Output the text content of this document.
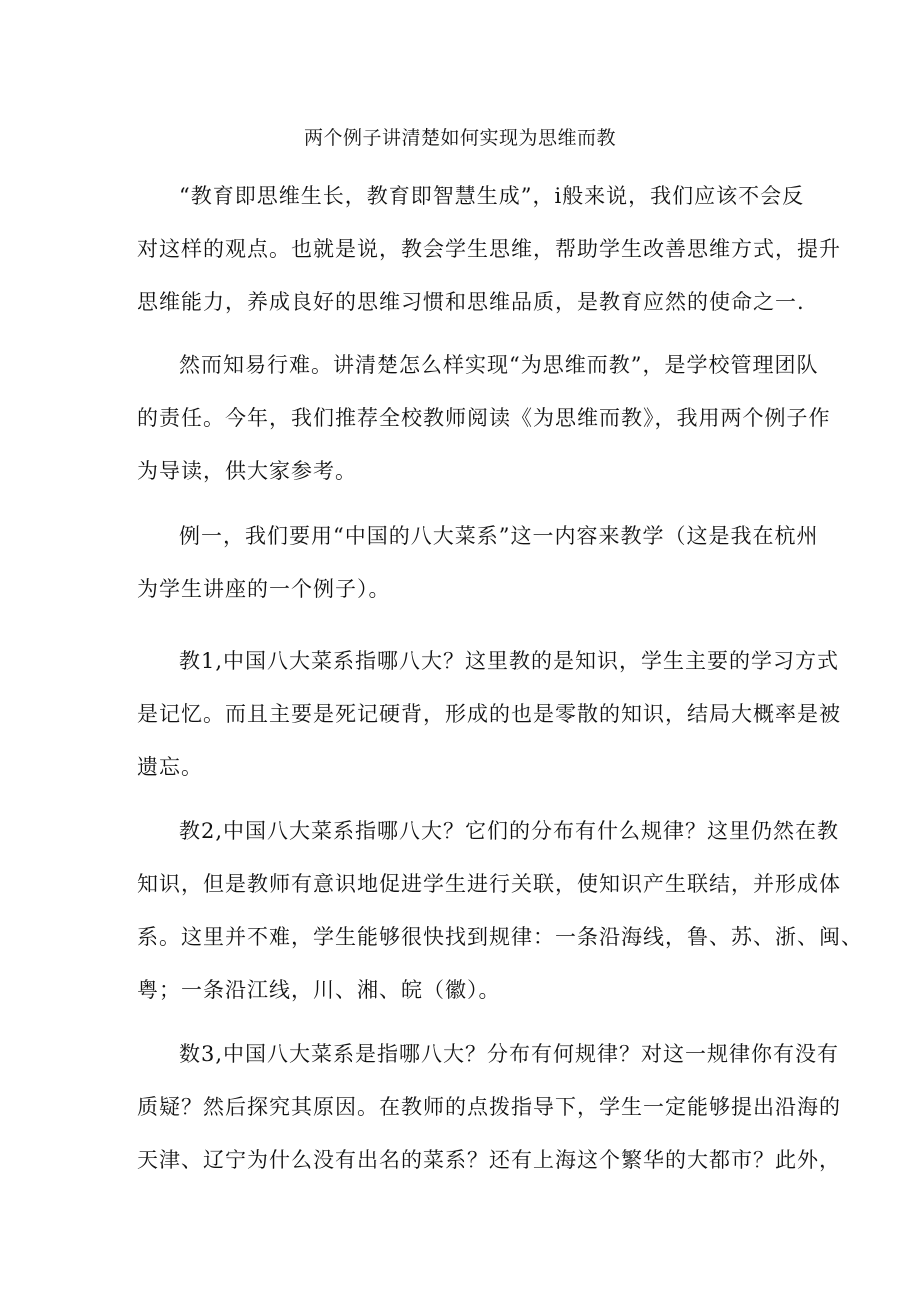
两个例子讲清楚如何实现为思维而教
“教育即思维生长，教育即智慧生成”，i般来说，我们应该不会反
对这样的观点。也就是说，教会学生思维，帮助学生改善思维方式，提升
思维能力，养成良好的思维习惯和思维品质，是教育应然的使命之一.
然而知易行难。讲清楚怎么样实现“为思维而教”，是学校管理团队
的责任。今年，我们推荐全校教师阅读《为思维而教》，我用两个例子作
为导读，供大家参考。
例一，我们要用“中国的八大菜系”这一内容来教学（这是我在杭州
为学生讲座的一个例子）。
教1,中国八大菜系指哪八大？这里教的是知识，学生主要的学习方式
是记忆。而且主要是死记硬背，形成的也是零散的知识，结局大概率是被
遗忘。
教2,中国八大菜系指哪八大？它们的分布有什么规律？这里仍然在教
知识，但是教师有意识地促进学生进行关联，使知识产生联结，并形成体
系。这里并不难，学生能够很快找到规律：一条沿海线，鲁、苏、浙、闽、
粤；一条沿江线，川、湘、皖（徽）。
数3,中国八大菜系是指哪八大？分布有何规律？对这一规律你有没有
质疑？然后探究其原因。在教师的点拨指导下，学生一定能够提出沿海的
天津、辽宁为什么没有出名的菜系？还有上海这个繁华的大都市？此外，
